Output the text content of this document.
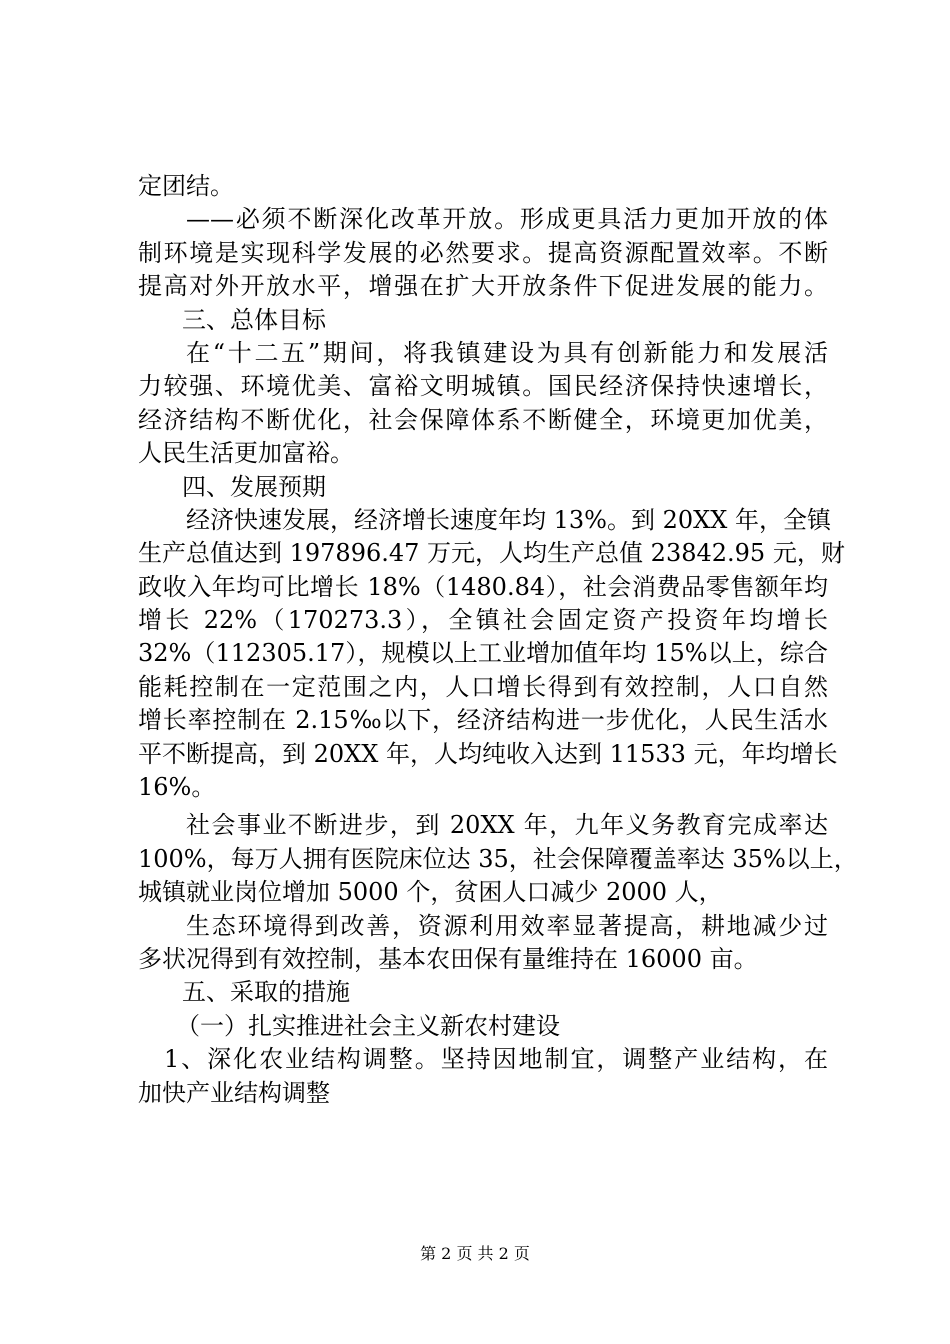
定团结。
——必须不断深化改革开放。形成更具活力更加开放的体
制环境是实现科学发展的必然要求。提高资源配置效率。不断
提高对外开放水平，增强在扩大开放条件下促进发展的能力。
三、总体目标
在“十二五”期间，将我镇建设为具有创新能力和发展活
力较强、环境优美、富裕文明城镇。国民经济保持快速增长，
经济结构不断优化，社会保障体系不断健全，环境更加优美，
人民生活更加富裕。
四、发展预期
经济快速发展，经济增长速度年均 13%。到 20XX 年，全镇
生产总值达到 197896.47 万元，人均生产总值 23842.95 元，财
政收入年均可比增长 18%（1480.84），社会消费品零售额年均
增长 22%（170273.3），全镇社会固定资产投资年均增长
32%（112305.17），规模以上工业增加值年均 15%以上，综合
能耗控制在一定范围之内，人口增长得到有效控制，人口自然
增长率控制在 2.15‰以下，经济结构进一步优化，人民生活水
平不断提高，到 20XX 年，人均纯收入达到 11533 元，年均增长
16%。
社会事业不断进步，到 20XX 年，九年义务教育完成率达
100%，每万人拥有医院床位达 35，社会保障覆盖率达 35%以上，
城镇就业岗位增加 5000 个，贫困人口减少 2000 人，
生态环境得到改善，资源利用效率显著提高，耕地减少过
多状况得到有效控制，基本农田保有量维持在 16000 亩。
五、采取的措施
（一）扎实推进社会主义新农村建设
1、深化农业结构调整。坚持因地制宜，调整产业结构，在
加快产业结构调整
第 2 页 共 2 页
